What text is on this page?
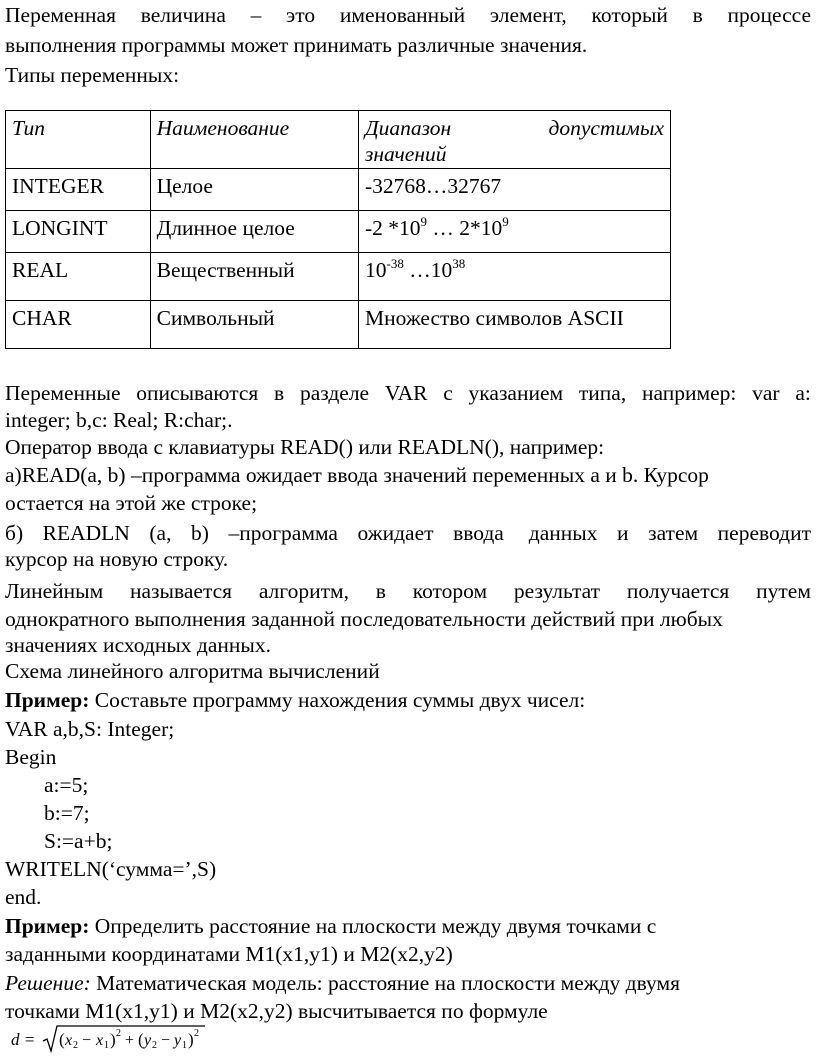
Переменная величина – это именованный элемент, который в процессе
выполнения программы может принимать различные значения.
Типы переменных:
Тип	Наименование	Диапазон допустимых
значений

INTEGER	Целое	-32768…32767
LONGINT	Длинное целое	-2 $*10^9$ … $2*10^9$
REAL	Вещественный	$10^{-38}$ $\dots 10^{38}$
CHAR	Символьный	Множество символов ASCII
Переменные описываются в разделе VAR с указанием типа, например: var a:
integer; b,c: Real; R:char;.
Оператор ввода с клавиатуры READ() или READLN(), например:
а)READ(a, b) –программа ожидает ввода значений переменных а и b. Курсор
остается на этой же строке;
б) READLN (a, b) –программа ожидает ввода данных и затем переводит
курсор на новую строку.
Линейным называется алгоритм, в котором результат получается путем
однократного выполнения заданной последовательности действий при любых
значениях исходных данных.
Схема линейного алгоритма вычислений
Пример: Составьте программу нахождения суммы двух чисел:
VAR a,b,S: Integer;
Begin
a:=5;
b:=7;
S:=a+b;
WRITELN(‘сумма=’,S)
end.
Пример: Определить расстояние на плоскости между двумя точками с
заданными координатами М1(x1,y1) и М2(x2,y2)
Решение: Математическая модель: расстояние на плоскости между двумя
точками М1(x1,y1) и М2(x2,y2) высчитывается по формуле
d = ( x 2 − x 1 ) 2 + ( y 2 − y 1 ) 2
